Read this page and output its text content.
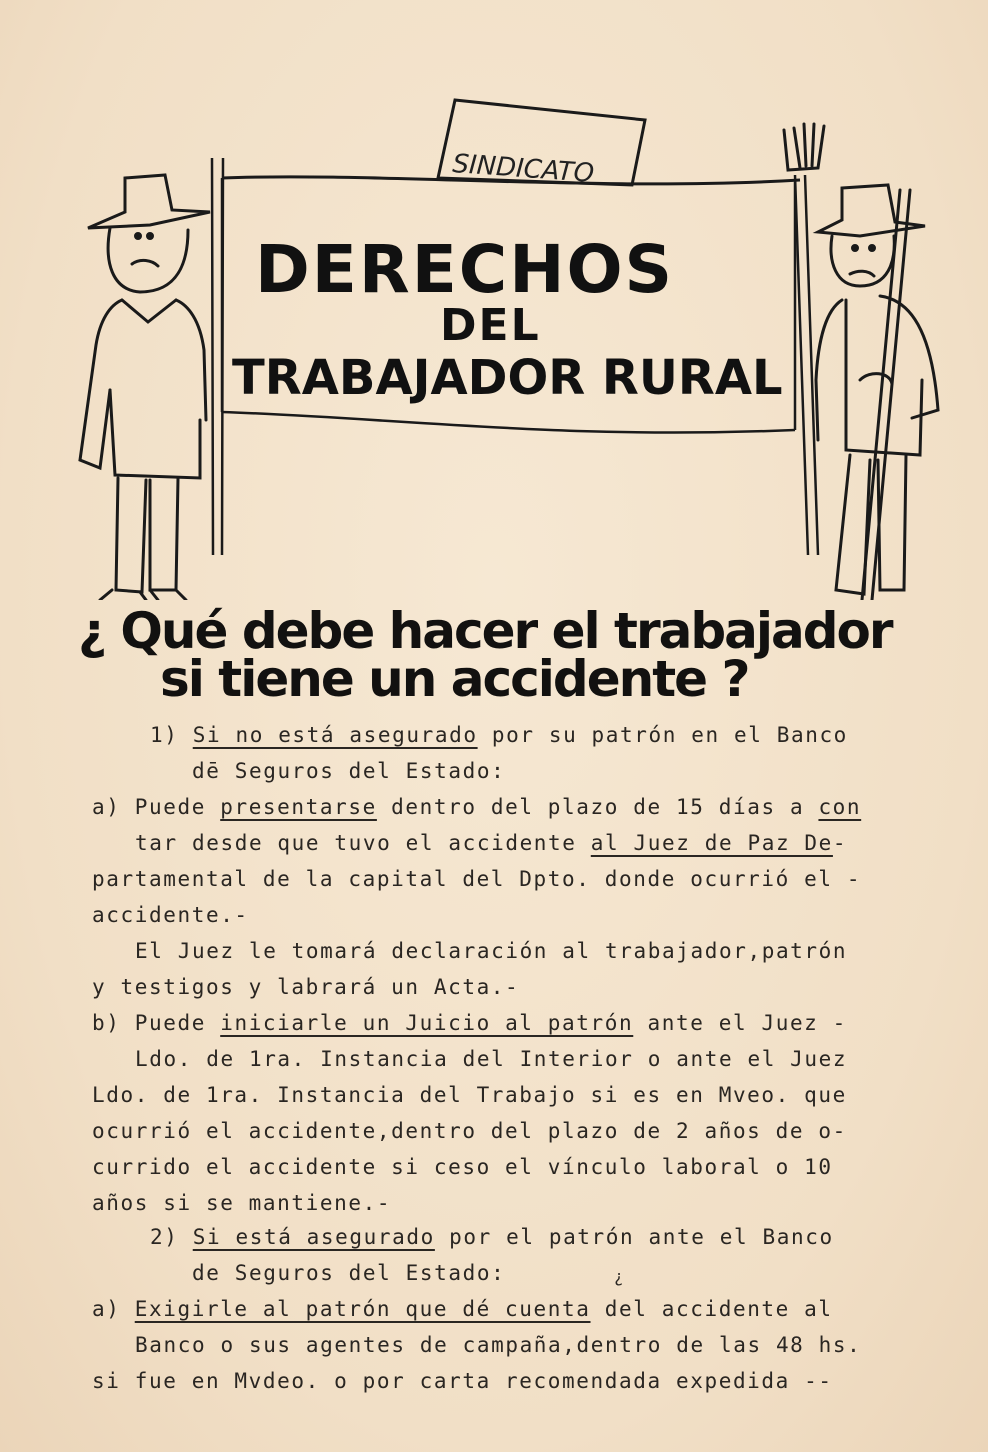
SINDICATO
DERECHOS
DEL
TRABAJADOR RURAL
¿ Qué debe hacer el trabajador
si tiene un accidente ?
1) Si no está asegurado por su patrón en el Banco
dē Seguros del Estado:
a) Puede presentarse dentro del plazo de 15 días a con
tar desde que tuvo el accidente al Juez de Paz De-
partamental de la capital del Dpto. donde ocurrió el -
accidente.-
El Juez le tomará declaración al trabajador,patrón
y testigos y labrará un Acta.-
b) Puede iniciarle un Juicio al patrón ante el Juez -
Ldo. de 1ra. Instancia del Interior o ante el Juez
Ldo. de 1ra. Instancia del Trabajo si es en Mveo. que
ocurrió el accidente,dentro del plazo de 2 años de o-
currido el accidente si ceso el vínculo laboral o 10
años si se mantiene.-
2) Si está asegurado por el patrón ante el Banco
de Seguros del Estado:	¿
a) Exigirle al patrón que dé cuenta del accidente al
Banco o sus agentes de campaña,dentro de las 48 hs.
si fue en Mvdeo. o por carta recomendada expedida --
